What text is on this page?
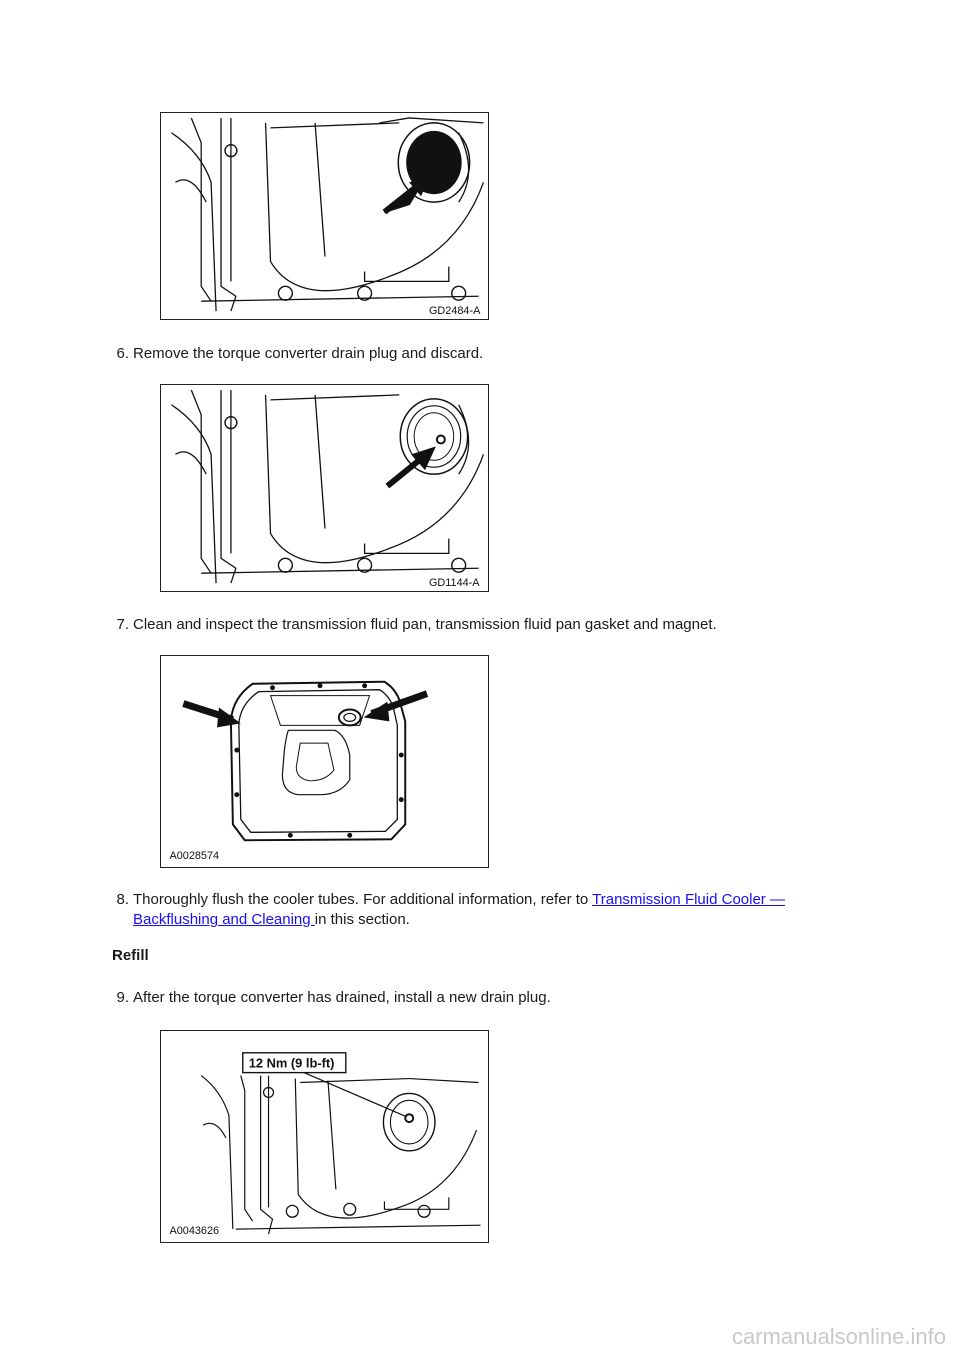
GD2484-A
6. Remove the torque converter drain plug and discard.
GD1144-A
7. Clean and inspect the transmission fluid pan, transmission fluid pan gasket and magnet.
A0028574
8. Thoroughly flush the cooler tubes. For additional information, refer to Transmission Fluid Cooler — Backflushing and Cleaning in this section.
Refill
9. After the torque converter has drained, install a new drain plug.
12 Nm (9 lb-ft)
A0043626
carmanualsonline.info
